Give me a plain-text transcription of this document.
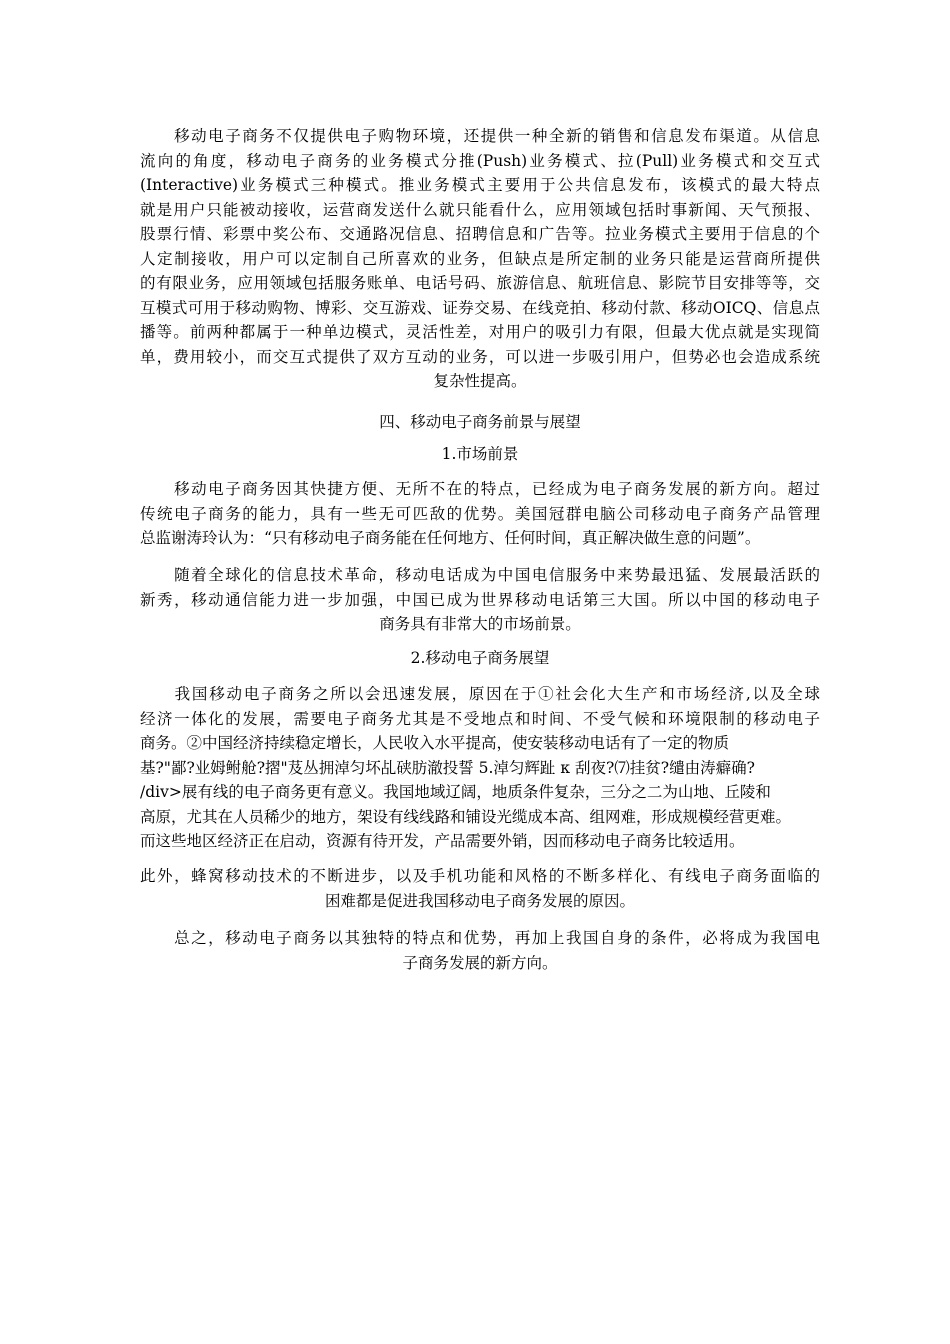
　　移动电子商务不仅提供电子购物环境，还提供一种全新的销售和信息发布渠道。从信息
流向的角度，移动电子商务的业务模式分推(Push)业务模式、拉(Pull)业务模式和交互式
(Interactive)业务模式三种模式。推业务模式主要用于公共信息发布，该模式的最大特点
就是用户只能被动接收，运营商发送什么就只能看什么，应用领域包括时事新闻、天气预报、
股票行情、彩票中奖公布、交通路况信息、招聘信息和广告等。拉业务模式主要用于信息的个
人定制接收，用户可以定制自己所喜欢的业务，但缺点是所定制的业务只能是运营商所提供
的有限业务，应用领域包括服务账单、电话号码、旅游信息、航班信息、影院节目安排等等，交
互模式可用于移动购物、博彩、交互游戏、证券交易、在线竞拍、移动付款、移动OICQ、信息点
播等。前两种都属于一种单边模式，灵活性差，对用户的吸引力有限，但最大优点就是实现简
单，费用较小，而交互式提供了双方互动的业务，可以进一步吸引用户，但势必也会造成系统
复杂性提高。
四、移动电子商务前景与展望
1.市场前景
　　移动电子商务因其快捷方便、无所不在的特点，已经成为电子商务发展的新方向。超过
传统电子商务的能力，具有一些无可匹敌的优势。美国冠群电脑公司移动电子商务产品管理
总监谢涛玲认为：“只有移动电子商务能在任何地方、任何时间，真正解决做生意的问题”。
　　随着全球化的信息技术革命，移动电话成为中国电信服务中来势最迅猛、发展最活跃的
新秀，移动通信能力进一步加强，中国已成为世界移动电话第三大国。所以中国的移动电子
商务具有非常大的市场前景。
2.移动电子商务展望
　　我国移动电子商务之所以会迅速发展，原因在于①社会化大生产和市场经济,以及全球
经济一体化的发展，需要电子商务尤其是不受地点和时间、不受气候和环境限制的移动电子
商务。②中国经济持续稳定增长，人民收入水平提高，使安装移动电话有了一定的物质
基?"鄙?业姆鲋舱?摺"芨丛拥淖匀坏乩硖肪澈投誓 5.淖匀辉趾 κ 刮夜?⑺挂贫?缱由涛癖确?
/div>展有线的电子商务更有意义。我国地域辽阔，地质条件复杂，三分之二为山地、丘陵和
高原，尤其在人员稀少的地方，架设有线线路和铺设光缆成本高、组网难，形成规模经营更难。
而这些地区经济正在启动，资源有待开发，产品需要外销，因而移动电子商务比较适用。
此外，蜂窝移动技术的不断进步，以及手机功能和风格的不断多样化、有线电子商务面临的
困难都是促进我国移动电子商务发展的原因。
　　总之，移动电子商务以其独特的特点和优势，再加上我国自身的条件，必将成为我国电
子商务发展的新方向。
